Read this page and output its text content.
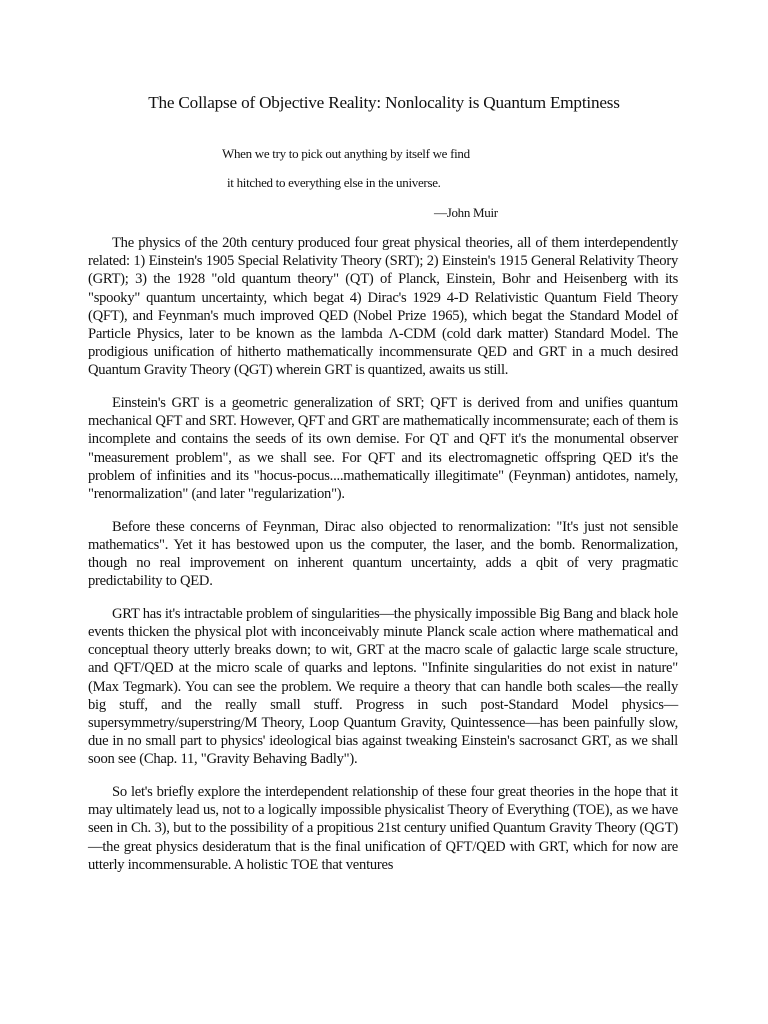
The Collapse of Objective Reality: Nonlocality is Quantum Emptiness
When we try to pick out anything by itself we find
it hitched to everything else in the universe.
—John Muir

The physics of the 20th century produced four great physical theories, all of them interdependently related: 1) Einstein's 1905 Special Relativity Theory (SRT); 2) Einstein's 1915 General Relativity Theory (GRT); 3) the 1928 "old quantum theory" (QT) of Planck, Einstein, Bohr and Heisenberg with its "spooky" quantum uncertainty, which begat 4) Dirac's 1929 4-D Relativistic Quantum Field Theory (QFT), and Feynman's much improved QED (Nobel Prize 1965), which begat the Standard Model of Particle Physics, later to be known as the lambda Λ-CDM (cold dark matter) Standard Model. The prodigious unification of hitherto mathematically incommensurate QED and GRT in a much desired Quantum Gravity Theory (QGT) wherein GRT is quantized, awaits us still.

Einstein's GRT is a geometric generalization of SRT; QFT is derived from and unifies quantum mechanical QFT and SRT. However, QFT and GRT are mathematically incommensurate; each of them is incomplete and contains the seeds of its own demise. For QT and QFT it's the monumental observer "measurement problem", as we shall see. For QFT and its electromagnetic offspring QED it's the problem of infinities and its "hocus-pocus....mathematically illegitimate" (Feynman) antidotes, namely, "renormalization" (and later "regularization").

Before these concerns of Feynman, Dirac also objected to renormalization: "It's just not sensible mathematics". Yet it has bestowed upon us the computer, the laser, and the bomb. Renormalization, though no real improvement on inherent quantum uncertainty, adds a qbit of very pragmatic predictability to QED.

GRT has it's intractable problem of singularities—the physically impossible Big Bang and black hole events thicken the physical plot with inconceivably minute Planck scale action where mathematical and conceptual theory utterly breaks down; to wit, GRT at the macro scale of galactic large scale structure, and QFT/QED at the micro scale of quarks and leptons. "Infinite singularities do not exist in nature" (Max Tegmark). You can see the problem. We require a theory that can handle both scales—the really big stuff, and the really small stuff. Progress in such post-Standard Model physics—supersymmetry/superstring/M Theory, Loop Quantum Gravity, Quintessence—has been painfully slow, due in no small part to physics' ideological bias against tweaking Einstein's sacrosanct GRT, as we shall soon see (Chap. 11, "Gravity Behaving Badly").

So let's briefly explore the interdependent relationship of these four great theories in the hope that it may ultimately lead us, not to a logically impossible physicalist Theory of Everything (TOE), as we have seen in Ch. 3), but to the possibility of a propitious 21st century unified Quantum Gravity Theory (QGT)—the great physics desideratum that is the final unification of QFT/QED with GRT, which for now are utterly incommensurable. A holistic TOE that ventures
